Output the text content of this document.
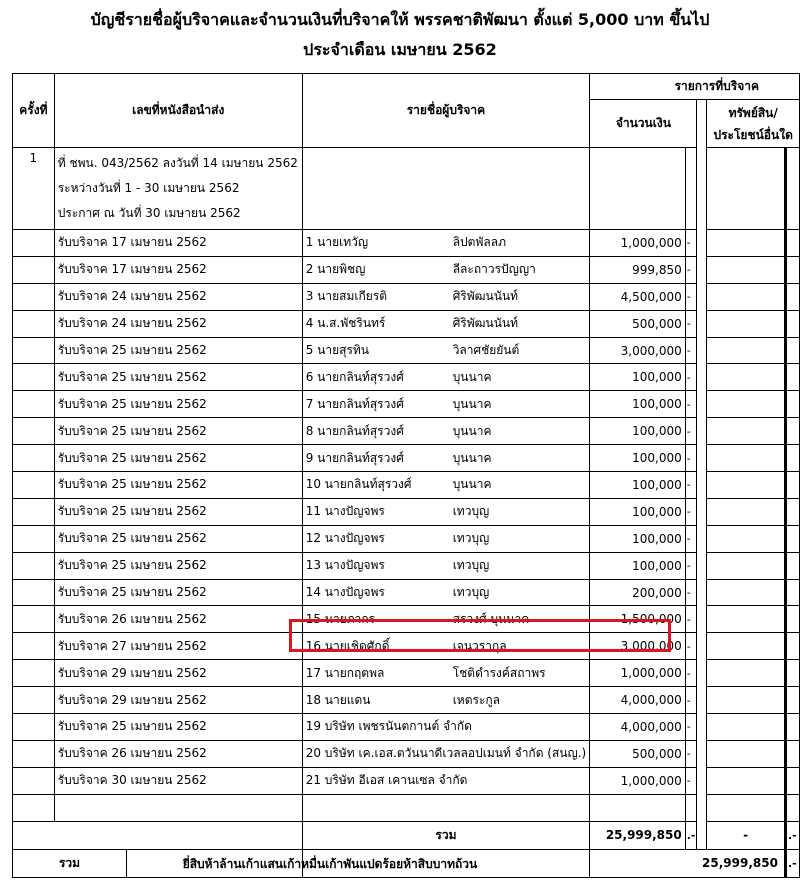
บัญชีรายชื่อผู้บริจาคและจำนวนเงินที่บริจาคให้ พรรคชาติพัฒนา ตั้งแต่ 5,000 บาท ขึ้นไป
ประจำเดือน เมษายน 2562
ครั้งที่	เลขที่หนังสือนำส่ง	รายชื่อผู้บริจาค	รายการที่บริจาค				
			จำนวนเงิน			ทรัพย์สิน/ประโยชน์อื่นใด	
1	ที่ ชพน. 043/2562 ลงวันที่ 14 เมษายน 2562
ระหว่างวันที่ 1 - 30 เมษายน 2562
ประกาศ ณ วันที่ 30 เมษายน 2562						

	รับบริจาค 17 เมษายน 2562	1 นายเทวัญ ลิปตพัลลภ	1,000,000	-			
	รับบริจาค 17 เมษายน 2562	2 นายพิชญ ลีละถาวรปัญญา	999,850	-			
	รับบริจาค 24 เมษายน 2562	3 นายสมเกียรติ ศิริพัฒนนันท์	4,500,000	-			
	รับบริจาค 24 เมษายน 2562	4 น.ส.พัชรินทร์ ศิริพัฒนนันท์	500,000	-			
	รับบริจาค 25 เมษายน 2562	5 นายสุรทิน วิลาศชัยยันต์	3,000,000	-			
	รับบริจาค 25 เมษายน 2562	6 นายกลินท์สุรวงศ์ บุนนาค	100,000	-			
	รับบริจาค 25 เมษายน 2562	7 นายกลินท์สุรวงศ์ บุนนาค	100,000	-			
	รับบริจาค 25 เมษายน 2562	8 นายกลินท์สุรวงศ์ บุนนาค	100,000	-			
	รับบริจาค 25 เมษายน 2562	9 นายกลินท์สุรวงศ์ บุนนาค	100,000	-			
	รับบริจาค 25 เมษายน 2562	10 นายกลินท์สุรวงศ์ บุนนาค	100,000	-			
	รับบริจาค 25 เมษายน 2562	11 นางปัญจพร เทวบุญ	100,000	-			
	รับบริจาค 25 เมษายน 2562	12 นางปัญจพร เทวบุญ	100,000	-			
	รับบริจาค 25 เมษายน 2562	13 นางปัญจพร เทวบุญ	100,000	-			
	รับบริจาค 25 เมษายน 2562	14 นางปัญจพร เทวบุญ	200,000	-			
	รับบริจาค 26 เมษายน 2562	15 นายภากร สรวงศ์ บุนนาค	1,500,000	-			
	รับบริจาค 27 เมษายน 2562	16 นายเชิดศักดิ์ เจนวรากุล	3,000,000	-			
	รับบริจาค 29 เมษายน 2562	17 นายกฤตพล โชติดำรงค์สถาพร	1,000,000	-			
	รับบริจาค 29 เมษายน 2562	18 นายแดน เหตระกูล	4,000,000	-			
	รับบริจาค 25 เมษายน 2562	19 บริษัท เพชรนันตกานต์ จำกัด	4,000,000	-			
	รับบริจาค 26 เมษายน 2562	20 บริษัท เค.เอส.ตวันนาดีเวลลอปเมนท์ จำกัด (สนญ.)	500,000	-			
	รับบริจาค 30 เมษายน 2562	21 บริษัท อีเอส เคานเซล จำกัด	1,000,000	-			

		รวม	25,999,850	.-		-	.-

รวม		ยี่สิบห้าล้านเก้าแสนเก้าหมื่นเก้าพันแปดร้อยห้าสิบบาทถ้วน	25,999,850				.-
